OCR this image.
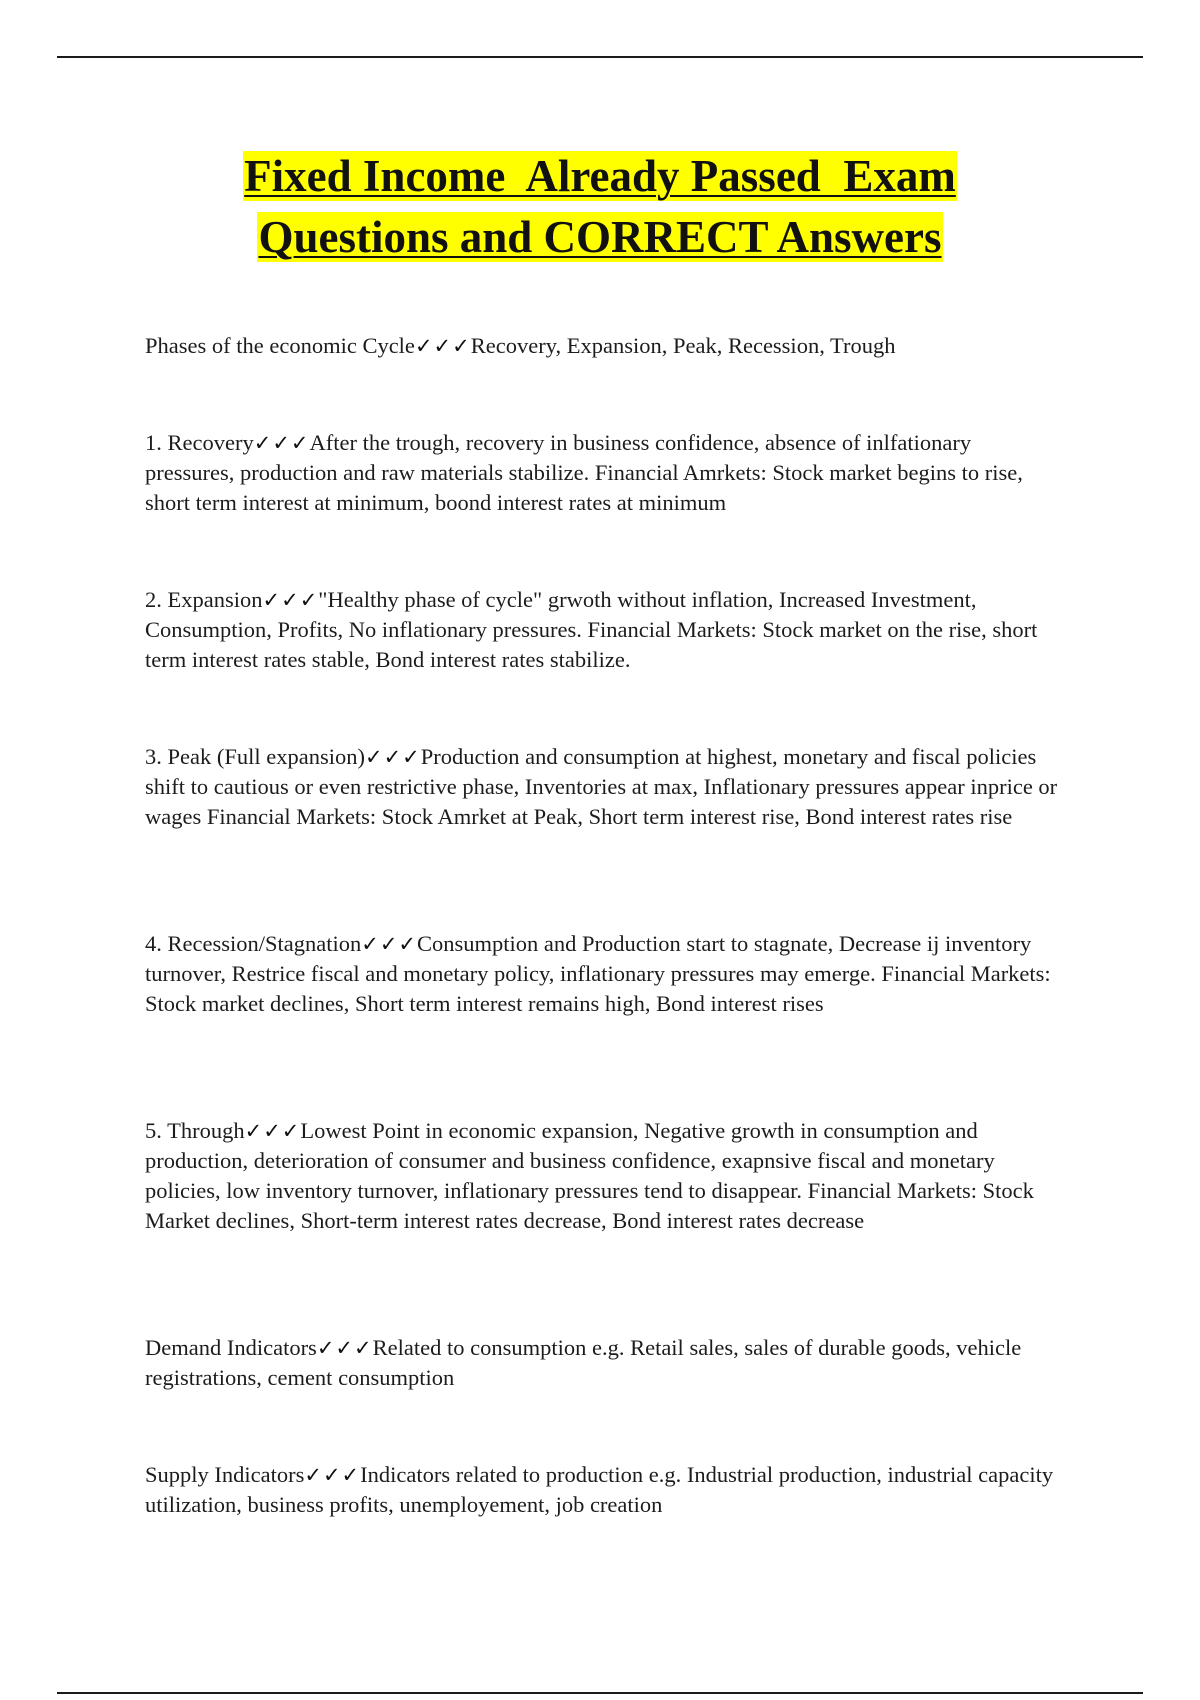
Fixed Income  Already Passed  Exam
Questions and CORRECT Answers

Phases of the economic Cycle✓✓✓Recovery, Expansion, Peak, Recession, Trough

1. Recovery✓✓✓After the trough, recovery in business confidence, absence of inlfationary pressures, production and raw materials stabilize. Financial Amrkets: Stock market begins to rise, short term interest at minimum, boond interest rates at minimum

2. Expansion✓✓✓"Healthy phase of cycle" grwoth without inflation, Increased Investment, Consumption, Profits, No inflationary pressures. Financial Markets: Stock market on the rise, short term interest rates stable, Bond interest rates stabilize.

3. Peak (Full expansion)✓✓✓Production and consumption at highest, monetary and fiscal policies shift to cautious or even restrictive phase, Inventories at max, Inflationary pressures appear inprice or wages Financial Markets: Stock Amrket at Peak, Short term interest rise, Bond interest rates rise

4. Recession/Stagnation✓✓✓Consumption and Production start to stagnate, Decrease ij inventory turnover, Restrice fiscal and monetary policy, inflationary pressures may emerge. Financial Markets: Stock market declines, Short term interest remains high, Bond interest rises

5. Through✓✓✓Lowest Point in economic expansion, Negative growth in consumption and production, deterioration of consumer and business confidence, exapnsive fiscal and monetary policies, low inventory turnover, inflationary pressures tend to disappear. Financial Markets: Stock Market declines, Short-term interest rates decrease, Bond interest rates decrease

Demand Indicators✓✓✓Related to consumption e.g. Retail sales, sales of durable goods, vehicle registrations, cement consumption

Supply Indicators✓✓✓Indicators related to production e.g. Industrial production, industrial capacity utilization, business profits, unemployement, job creation
